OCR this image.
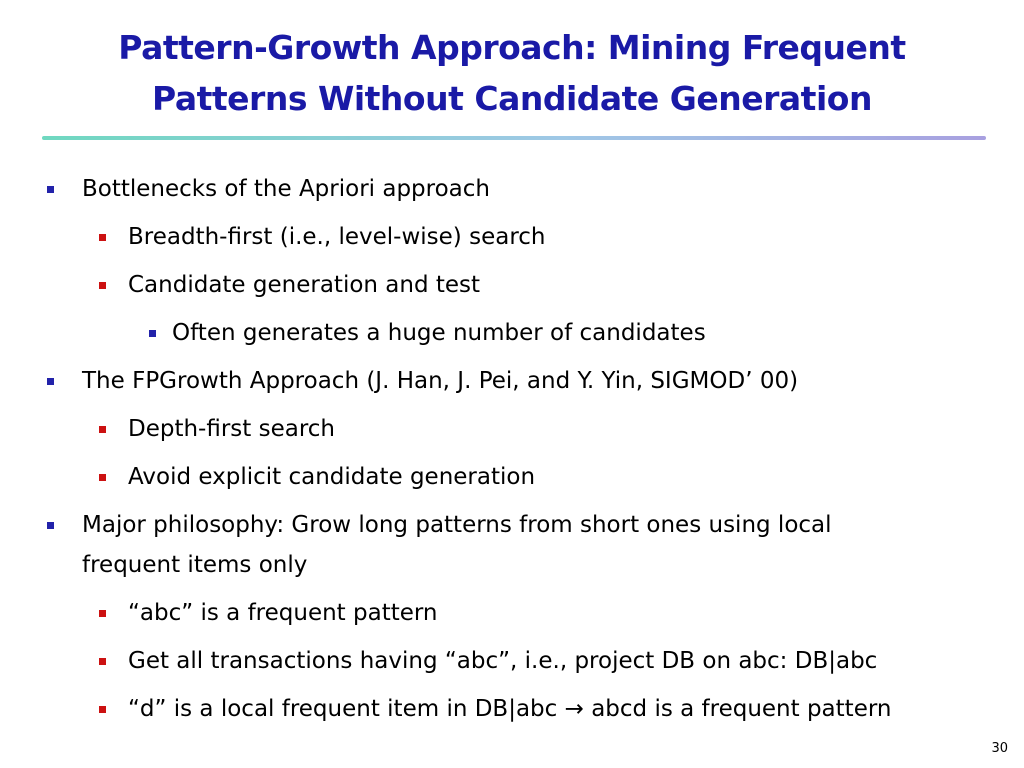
Pattern-Growth Approach: Mining Frequent Patterns Without Candidate Generation
Bottlenecks of the Apriori approach
Breadth-first (i.e., level-wise) search
Candidate generation and test
Often generates a huge number of candidates
The FPGrowth Approach (J. Han, J. Pei, and Y. Yin, SIGMOD’ 00)
Depth-first search
Avoid explicit candidate generation
Major philosophy: Grow long patterns from short ones using local
frequent items only
“abc” is a frequent pattern
Get all transactions having “abc”, i.e., project DB on abc: DB|abc
“d” is a local frequent item in DB|abc → abcd is a frequent pattern
30
